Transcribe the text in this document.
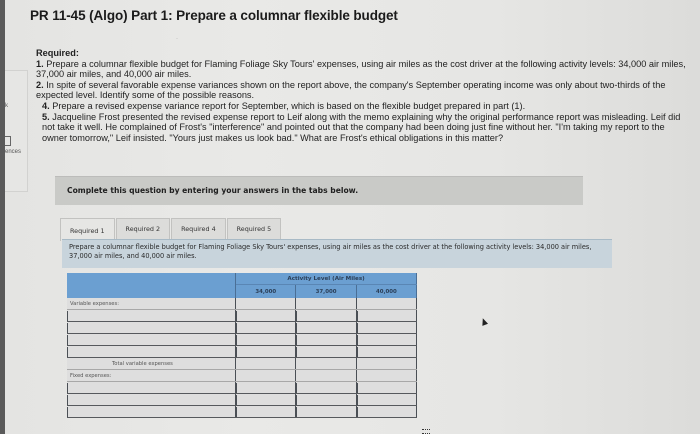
k
ences
PR 11-45 (Algo) Part 1: Prepare a columnar flexible budget
·

Required:

1. Prepare a columnar flexible budget for Flaming Foliage Sky Tours' expenses, using air miles as the cost driver at the following activity levels: 34,000 air miles, 37,000 air miles, and 40,000 air miles.

2. In spite of several favorable expense variances shown on the report above, the company's September operating income was only about two-thirds of the expected level. Identify some of the possible reasons.

4. Prepare a revised expense variance report for September, which is based on the flexible budget prepared in part (1).

5. Jacqueline Frost presented the revised expense report to Leif along with the memo explaining why the original performance report was misleading. Leif did not take it well. He complained of Frost's "interference" and pointed out that the company had been doing just fine without her. "I'm taking my report to the owner tomorrow," Leif insisted. "Yours just makes us look bad." What are Frost's ethical obligations in this matter?

Complete this question by entering your answers in the tabs below.
Required 1	Required 2	Required 4	Required 5
Prepare a columnar flexible budget for Flaming Foliage Sky Tours' expenses, using air miles as the cost driver at the following activity levels: 34,000 air miles, 37,000 air miles, and 40,000 air miles.
	Activity Level (Air Miles)		
	34,000	37,000	40,000
Variable expenses:			

Total variable expenses			
Fixed expenses:			
